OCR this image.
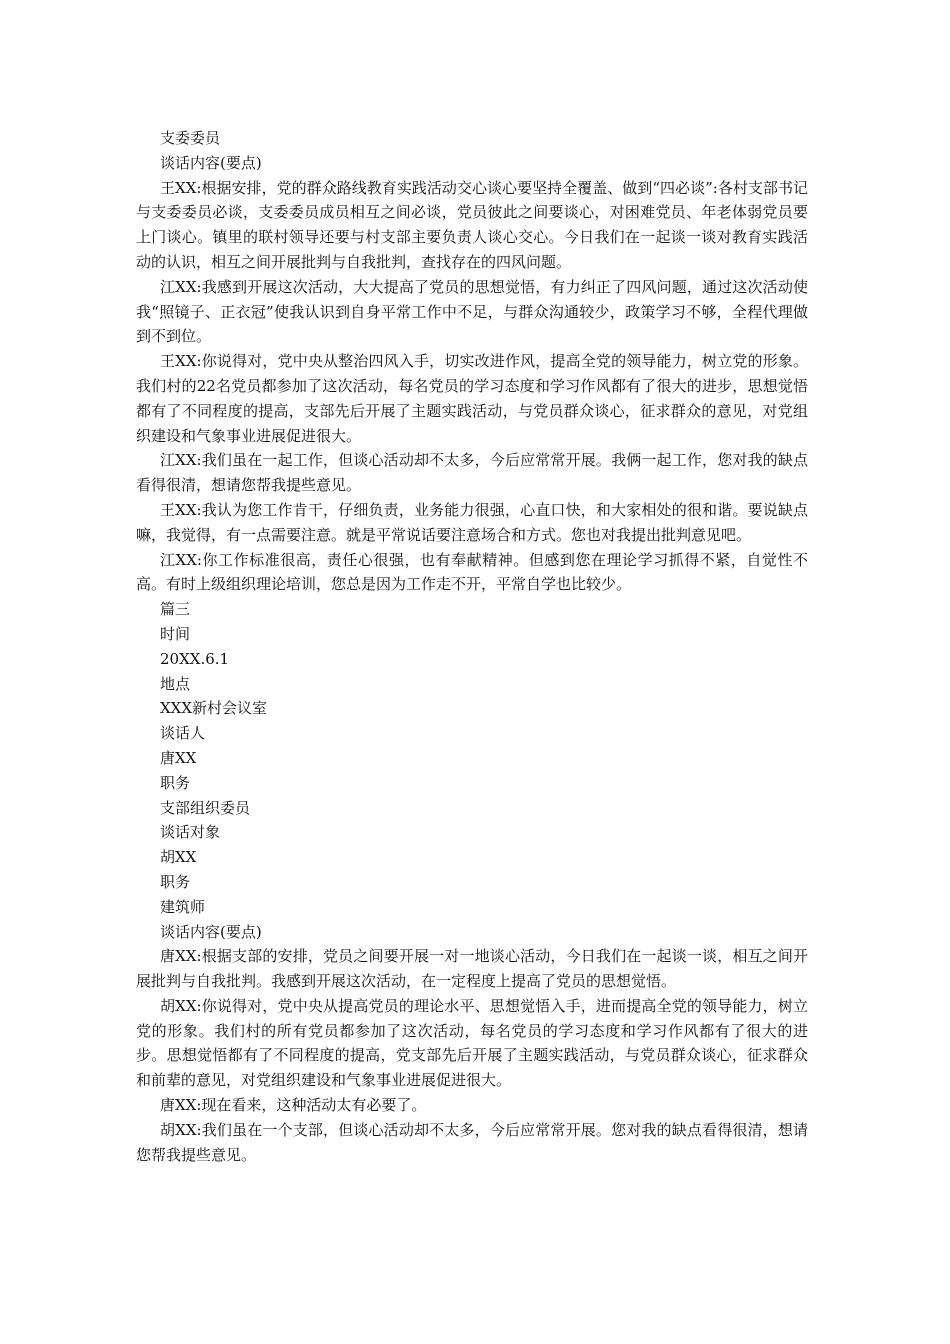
支委委员

谈话内容(要点)

王XX:根据安排，党的群众路线教育实践活动交心谈心要坚持全覆盖、做到“四必谈”:各村支部书记与支委委员必谈，支委委员成员相互之间必谈，党员彼此之间要谈心，对困难党员、年老体弱党员要上门谈心。镇里的联村领导还要与村支部主要负责人谈心交心。今日我们在一起谈一谈对教育实践活动的认识，相互之间开展批判与自我批判，查找存在的四风问题。

江XX:我感到开展这次活动，大大提高了党员的思想觉悟，有力纠正了四风问题，通过这次活动使我“照镜子、正衣冠”使我认识到自身平常工作中不足，与群众沟通较少，政策学习不够，全程代理做到不到位。

王XX:你说得对，党中央从整治四风入手，切实改进作风，提高全党的领导能力，树立党的形象。我们村的22名党员都参加了这次活动，每名党员的学习态度和学习作风都有了很大的进步，思想觉悟都有了不同程度的提高，支部先后开展了主题实践活动，与党员群众谈心，征求群众的意见，对党组织建设和气象事业进展促进很大。

江XX:我们虽在一起工作，但谈心活动却不太多，今后应常常开展。我俩一起工作，您对我的缺点看得很清，想请您帮我提些意见。

王XX:我认为您工作肯干，仔细负责，业务能力很强，心直口快，和大家相处的很和谐。要说缺点嘛，我觉得，有一点需要注意。就是平常说话要注意场合和方式。您也对我提出批判意见吧。

江XX:你工作标准很高，责任心很强，也有奉献精神。但感到您在理论学习抓得不紧，自觉性不高。有时上级组织理论培训，您总是因为工作走不开，平常自学也比较少。

篇三

时间

20XX.6.1

地点

XXX新村会议室

谈话人

唐XX

职务

支部组织委员

谈话对象

胡XX

职务

建筑师

谈话内容(要点)

唐XX:根据支部的安排，党员之间要开展一对一地谈心活动，今日我们在一起谈一谈，相互之间开展批判与自我批判。我感到开展这次活动，在一定程度上提高了党员的思想觉悟。

胡XX:你说得对，党中央从提高党员的理论水平、思想觉悟入手，进而提高全党的领导能力，树立党的形象。我们村的所有党员都参加了这次活动，每名党员的学习态度和学习作风都有了很大的进步。思想觉悟都有了不同程度的提高，党支部先后开展了主题实践活动，与党员群众谈心，征求群众和前辈的意见，对党组织建设和气象事业进展促进很大。

唐XX:现在看来，这种活动太有必要了。

胡XX:我们虽在一个支部，但谈心活动却不太多，今后应常常开展。您对我的缺点看得很清，想请您帮我提些意见。
